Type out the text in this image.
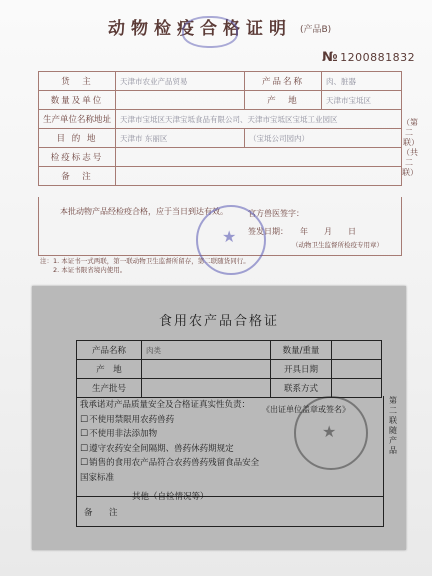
动物检疫合格证明 (产品B)
№ 1200881832
货　主	天津市农业产品贸易	产品名称	肉、脏器
数量及单位		产　地	天津市宝坻区
生产单位名称地址	天津市宝坻区天津宝坻食品有限公司、天津市宝坻区宝坻工业园区		
目 的 地	天津市 东丽区	（宝坻公司园内）	
检疫标志号			
备　注			
本批动物产品经检疫合格，应于当日到达有效。	官方兽医签字：
签发日期： 年　　月　　日
（动物卫生监督所检疫专用章）
★
注：1. 本证书一式两联，第一联动物卫生监督所留存，第二联随货同行。
　　2. 本证书限省境内使用。
（第二联）（共二联）
食用农产品合格证
产品名称	肉类	数量/重量	
产　地		开具日期	
生产批号		联系方式	
我承诺对产品质量安全及合格证真实性负责：
☐不使用禁限用农药兽药
☐不使用非法添加物
☐遵守农药安全间隔期、兽药休药期规定
☐销售的食用农产品符合农药兽药残留食品安全国家标准
《出证单位盖章或签名》
★
备　注
其他（自检情况等）
第二联随产品
